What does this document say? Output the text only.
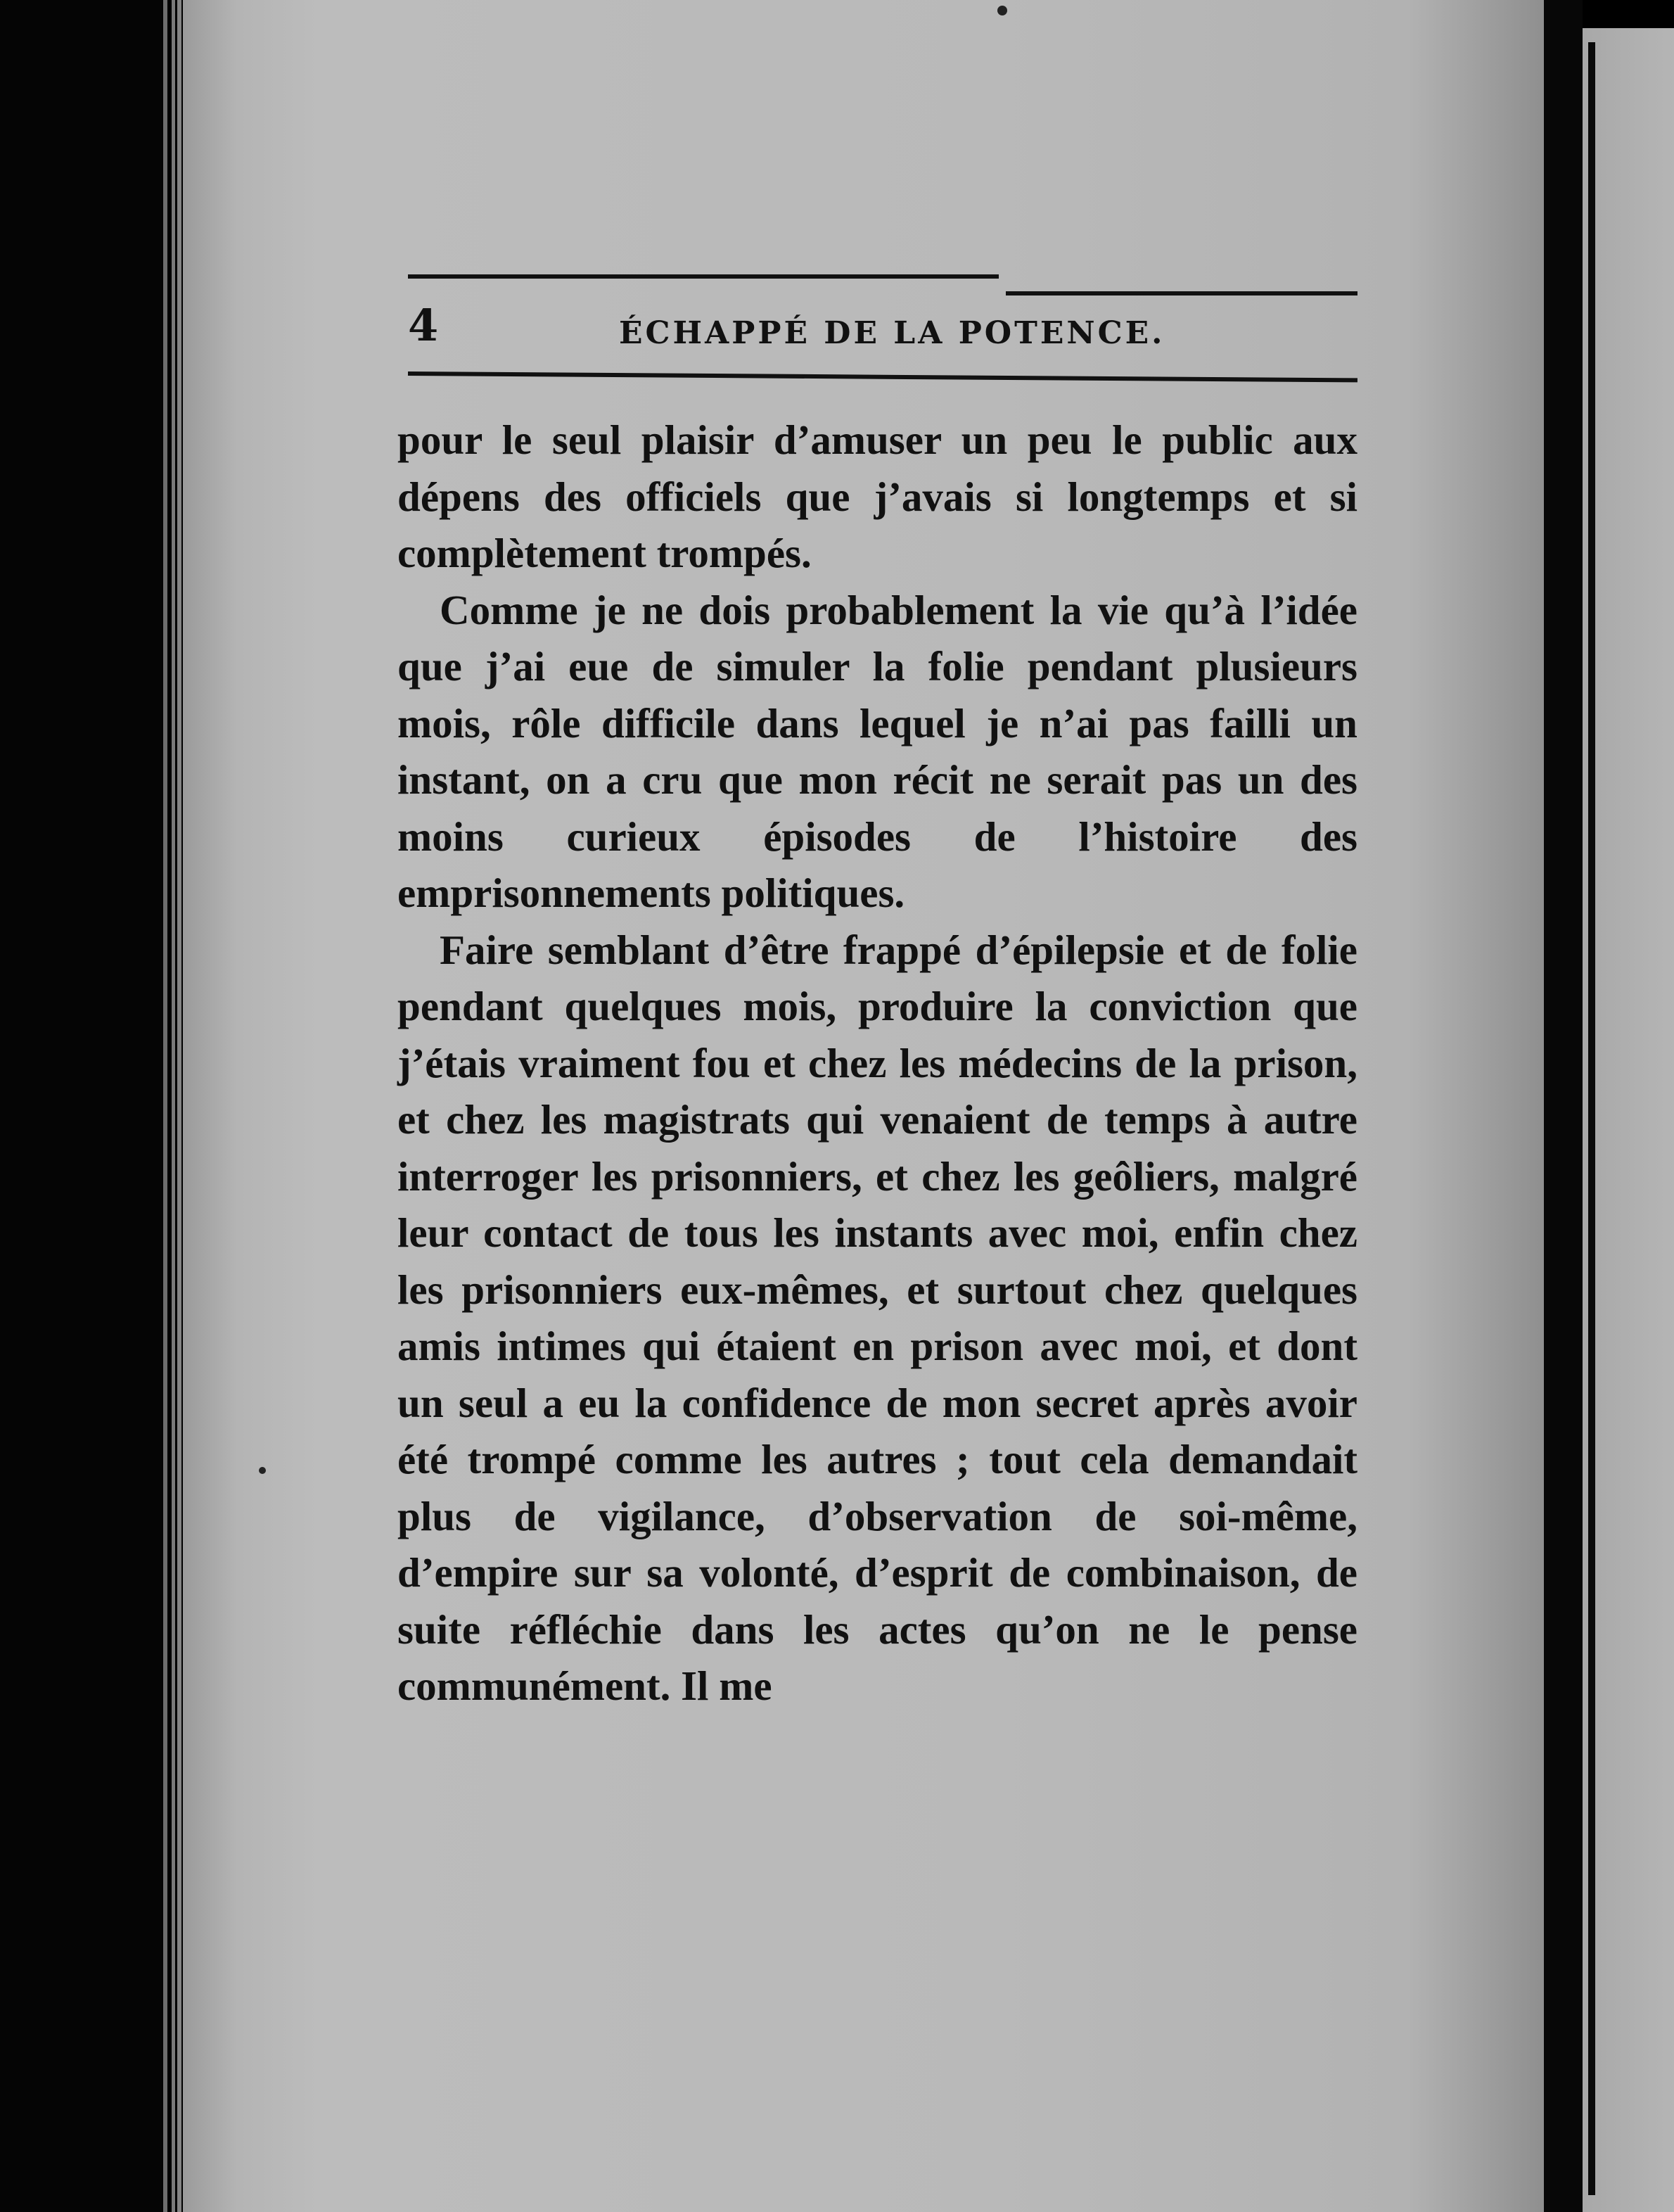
4	ÉCHAPPÉ DE LA POTENCE.

pour le seul plaisir d’amuser un peu le public aux dépens des officiels que j’avais si longtemps et si complètement trompés.

Comme je ne dois probablement la vie qu’à l’idée que j’ai eue de simuler la folie pendant plusieurs mois, rôle difficile dans lequel je n’ai pas failli un instant, on a cru que mon récit ne serait pas un des moins curieux épisodes de l’histoire des emprisonnements politiques.

Faire semblant d’être frappé d’épilepsie et de folie pendant quelques mois, produire la conviction que j’étais vraiment fou et chez les médecins de la prison, et chez les magistrats qui venaient de temps à autre interroger les prisonniers, et chez les geôliers, malgré leur contact de tous les instants avec moi, enfin chez les prisonniers eux-mêmes, et surtout chez quelques amis intimes qui étaient en prison avec moi, et dont un seul a eu la confidence de mon secret après avoir été trompé comme les autres ; tout cela demandait plus de vigilance, d’observation de soi-même, d’empire sur sa volonté, d’esprit de combinaison, de suite réfléchie dans les actes qu’on ne le pense communément. Il me
